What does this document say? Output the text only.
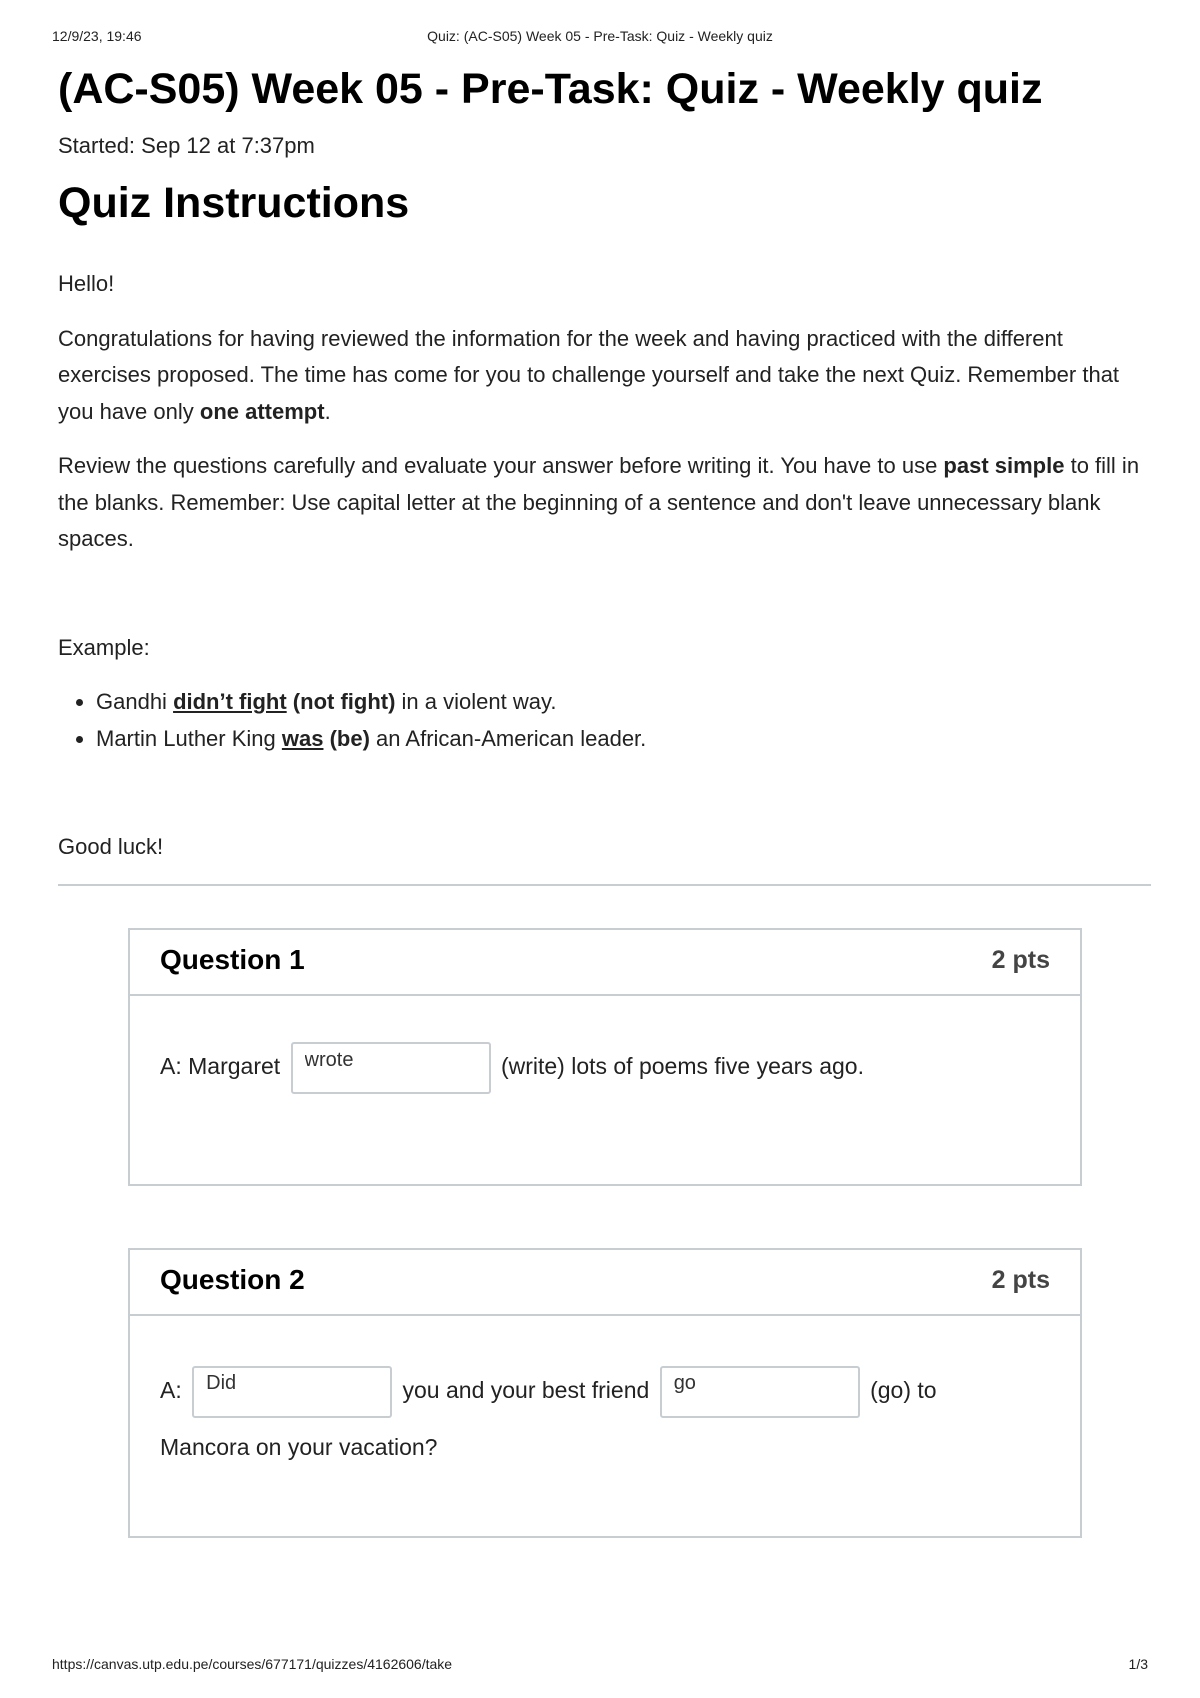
12/9/23, 19:46	Quiz: (AC-S05) Week 05 - Pre-Task: Quiz - Weekly quiz
(AC-S05) Week 05 - Pre-Task: Quiz - Weekly quiz
Started: Sep 12 at 7:37pm
Quiz Instructions

Hello!

Congratulations for having reviewed the information for the week and having practiced with the different exercises proposed. The time has come for you to challenge yourself and take the next Quiz. Remember that you have only one attempt.

Review the questions carefully and evaluate your answer before writing it. You have to use past simple to fill in the blanks. Remember: Use capital letter at the beginning of a sentence and don't leave unnecessary blank spaces.

Example:

• Gandhi didn’t fight (not fight) in a violent way.
• Martin Luther King was (be) an African-American leader.

Good luck!

Question 1	2 pts
A: Margaret wrote	(write) lots of poems five years ago.
Question 2	2 pts
A: Did	you and your best friend go	(go) to Mancora on your vacation?
https://canvas.utp.edu.pe/courses/677171/quizzes/4162606/take	1/3
